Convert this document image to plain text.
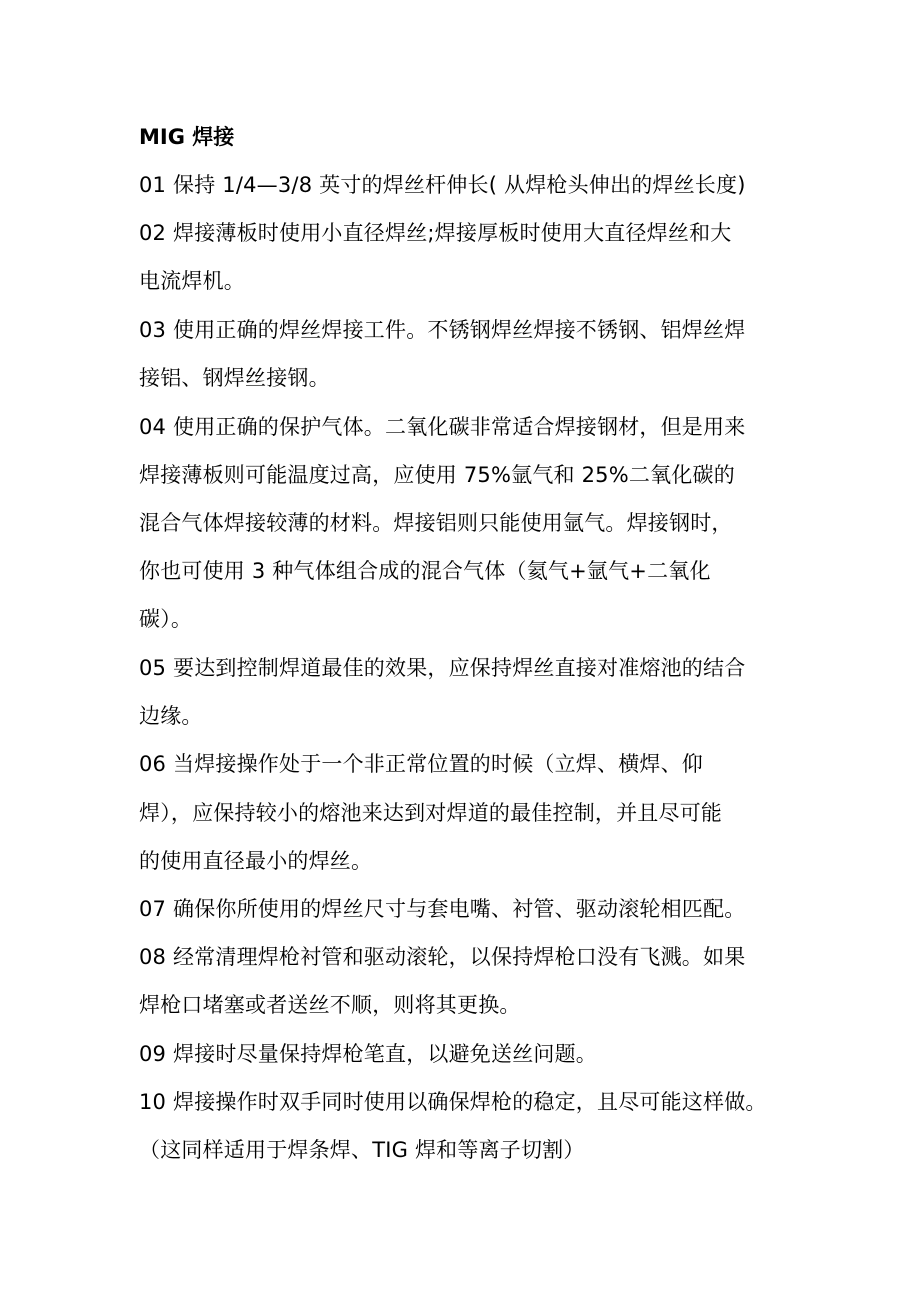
MIG 焊接
01 保持 1/4—3/8 英寸的焊丝杆伸长( 从焊枪头伸出的焊丝长度)
02 焊接薄板时使用小直径焊丝;焊接厚板时使用大直径焊丝和大
电流焊机。
03 使用正确的焊丝焊接工件。不锈钢焊丝焊接不锈钢、铝焊丝焊
接铝、钢焊丝接钢。
04 使用正确的保护气体。二氧化碳非常适合焊接钢材，但是用来
焊接薄板则可能温度过高，应使用 75%氩气和 25%二氧化碳的
混合气体焊接较薄的材料。焊接铝则只能使用氩气。焊接钢时，
你也可使用 3 种气体组合成的混合气体（氦气+氩气+二氧化
碳）。
05 要达到控制焊道最佳的效果，应保持焊丝直接对准熔池的结合
边缘。
06 当焊接操作处于一个非正常位置的时候（立焊、横焊、仰
焊），应保持较小的熔池来达到对焊道的最佳控制，并且尽可能
的使用直径最小的焊丝。
07 确保你所使用的焊丝尺寸与套电嘴、衬管、驱动滚轮相匹配。
08 经常清理焊枪衬管和驱动滚轮，以保持焊枪口没有飞溅。如果
焊枪口堵塞或者送丝不顺，则将其更换。
09 焊接时尽量保持焊枪笔直，以避免送丝问题。
10 焊接操作时双手同时使用以确保焊枪的稳定，且尽可能这样做。
（这同样适用于焊条焊、TIG 焊和等离子切割）
